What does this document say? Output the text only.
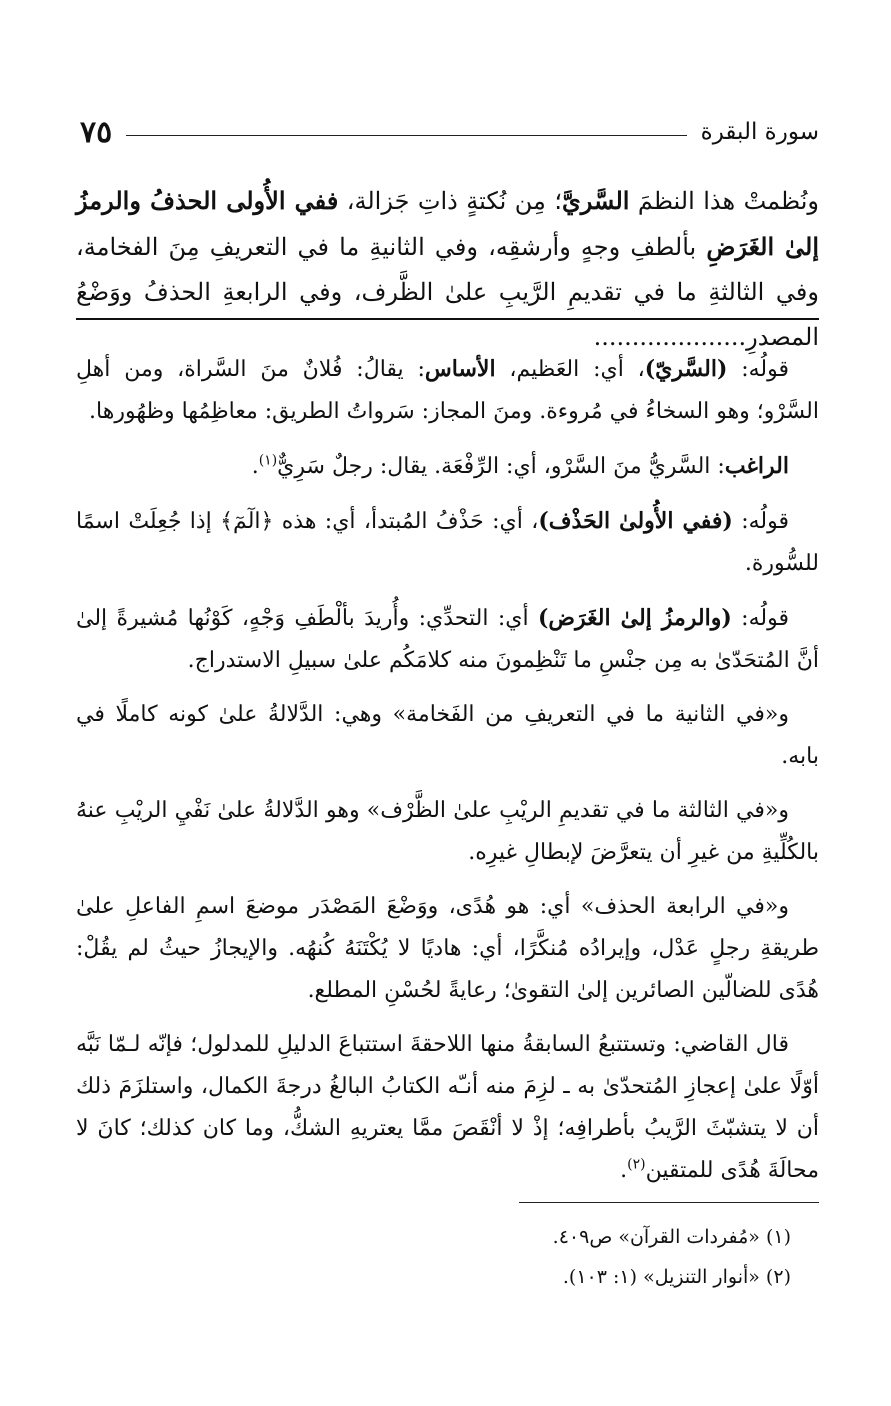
سورة البقرة
٧٥

ونُظمتْ هذا النظمَ السَّريَّ؛ مِن نُكتةٍ ذاتِ جَزالة، ففي الأُولى الحذفُ والرمزُ إلىٰ الغَرَضِ بألطفِ وجهٍ وأرشقِه، وفي الثانيةِ ما في التعريفِ مِنَ الفخامة، وفي الثالثةِ ما في تقديمِ الرَّيبِ علىٰ الظَّرف، وفي الرابعةِ الحذفُ ووَضْعُ المصدرِ....................

قولُه: (السَّريّ)، أي: العَظيم، الأساس: يقالُ: فُلانٌ منَ السَّراة، ومن أهلِ السَّرْو؛ وهو السخاءُ في مُروءة. ومنَ المجاز: سَرواتُ الطريق: معاظِمُها وظهُورها.

الراغب: السَّريُّ منَ السَّرْو، أي: الرِّفْعَة. يقال: رجلٌ سَرِيٌّ$^{(١)}$.

قولُه: (ففي الأُولىٰ الحَذْف)، أي: حَذْفُ المُبتدأ، أي: هذه ﴿الٓمٓ﴾ إذا جُعِلَتْ اسمًا للسُّورة.

قولُه: (والرمزُ إلىٰ الغَرَض) أي: التحدِّي: وأُريدَ بألْطَفِ وَجْهٍ، كَوْنُها مُشيرةً إلىٰ أنَّ المُتحَدّىٰ به مِن جنْسِ ما تَنْظِمونَ منه كلامَكُم علىٰ سبيلِ الاستدراج.

و«في الثانية ما في التعريفِ من الفَخامة» وهي: الدَّلالةُ علىٰ كونه كاملًا في بابه.

و«في الثالثة ما في تقديمِ الريْبِ علىٰ الظَّرْف» وهو الدَّلالةُ علىٰ نَفْيِ الريْبِ عنهُ بالكُلِّيةِ من غيرِ أن يتعرَّضَ لإبطالِ غيرِه.

و«في الرابعة الحذف» أي: هو هُدًى، ووَضْعَ المَصْدَر موضعَ اسمِ الفاعلِ علىٰ طريقةِ رجلٍ عَدْل، وإيرادُه مُنكَّرًا، أي: هاديًا لا يُكْتَنَهُ كُنهُه. والإيجازُ حيثُ لم يقُلْ: هُدًى للضالّين الصائرين إلىٰ التقوىٰ؛ رعايةً لحُسْنِ المطلع.

قال القاضي: وتستتبعُ السابقةُ منها اللاحقةَ استتباعَ الدليلِ للمدلول؛ فإنّه لـمّا نَبَّه أوّلًا علىٰ إعجازِ المُتحدّىٰ به ـ لزِمَ منه أنـّه الكتابُ البالغُ درجةَ الكمال، واستلزَمَ ذلك أن لا يتشبّثَ الرَّيبُ بأطرافِه؛ إذْ لا أنْقَصَ ممَّا يعتريهِ الشكُّ، وما كان كذلك؛ كانَ لا محالَةَ هُدًى للمتقين$^{(٢)}$.

(١) «مُفردات القرآن» ص٤٠٩.
(٢) «أنوار التنزيل» (١: ١٠٣).
